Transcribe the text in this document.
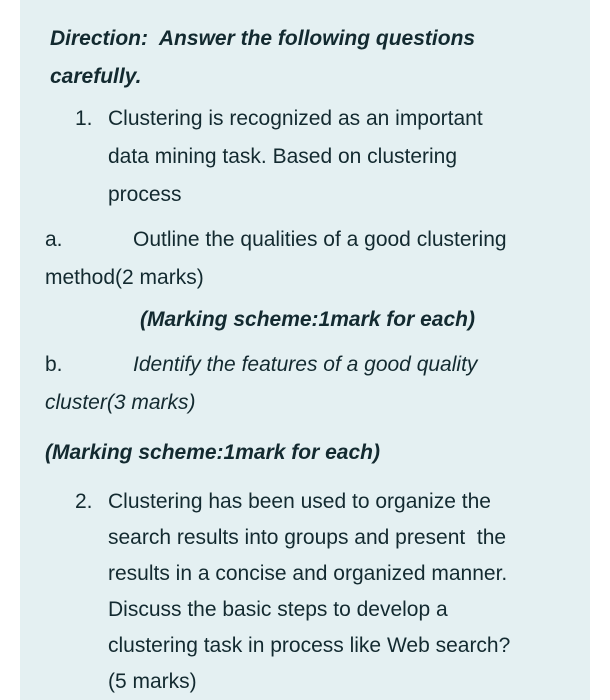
Direction:  Answer the following questions
carefully.
1. Clustering is recognized as an important
data mining task. Based on clustering
process
a.	Outline the qualities of a good clustering
method(2 marks)
(Marking scheme:1mark for each)
b.	Identify the features of a good quality
cluster(3 marks)
(Marking scheme:1mark for each)
2. Clustering has been used to organize the
search results into groups and present  the
results in a concise and organized manner.
Discuss the basic steps to develop a
clustering task in process like Web search?
(5 marks)
